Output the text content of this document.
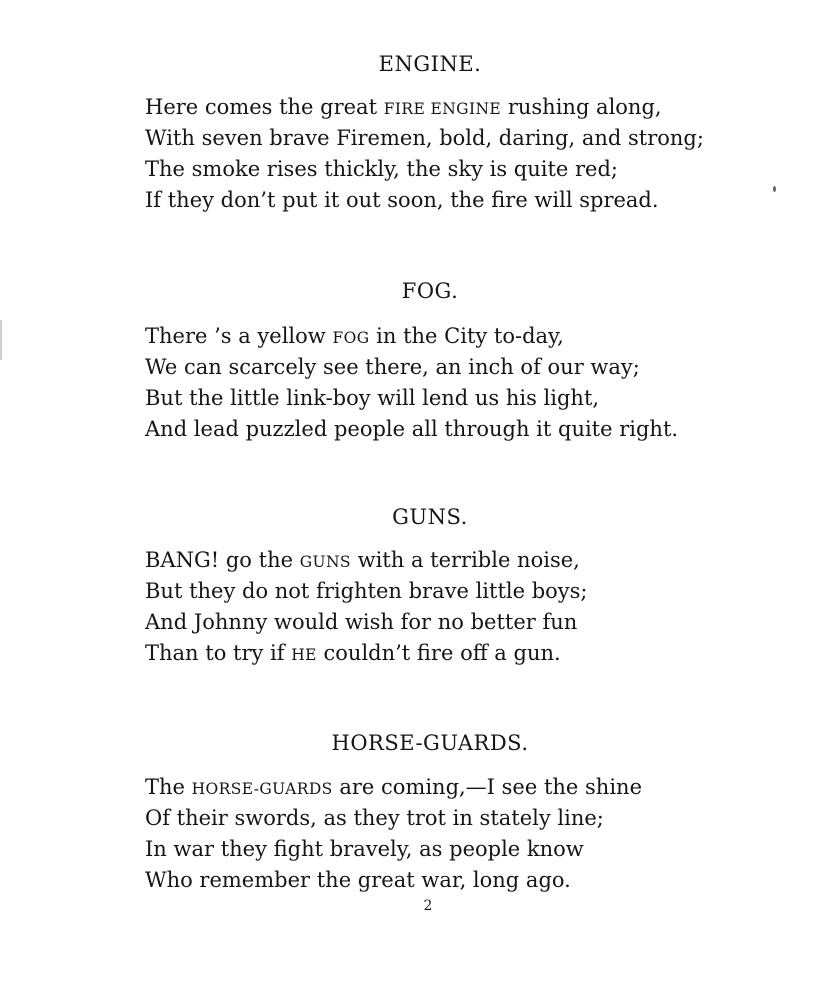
ENGINE.
Here comes the great FIRE ENGINE rushing along,
With seven brave Firemen, bold, daring, and strong;
The smoke rises thickly, the sky is quite red;
If they don’t put it out soon, the fire will spread.
FOG.
There ’s a yellow FOG in the City to-day,
We can scarcely see there, an inch of our way;
But the little link-boy will lend us his light,
And lead puzzled people all through it quite right.
GUNS.
BANG! go the GUNS with a terrible noise,
But they do not frighten brave little boys;
And Johnny would wish for no better fun
Than to try if HE couldn’t fire off a gun.
HORSE-GUARDS.
The HORSE-GUARDS are coming,—I see the shine
Of their swords, as they trot in stately line;
In war they fight bravely, as people know
Who remember the great war, long ago.
2
